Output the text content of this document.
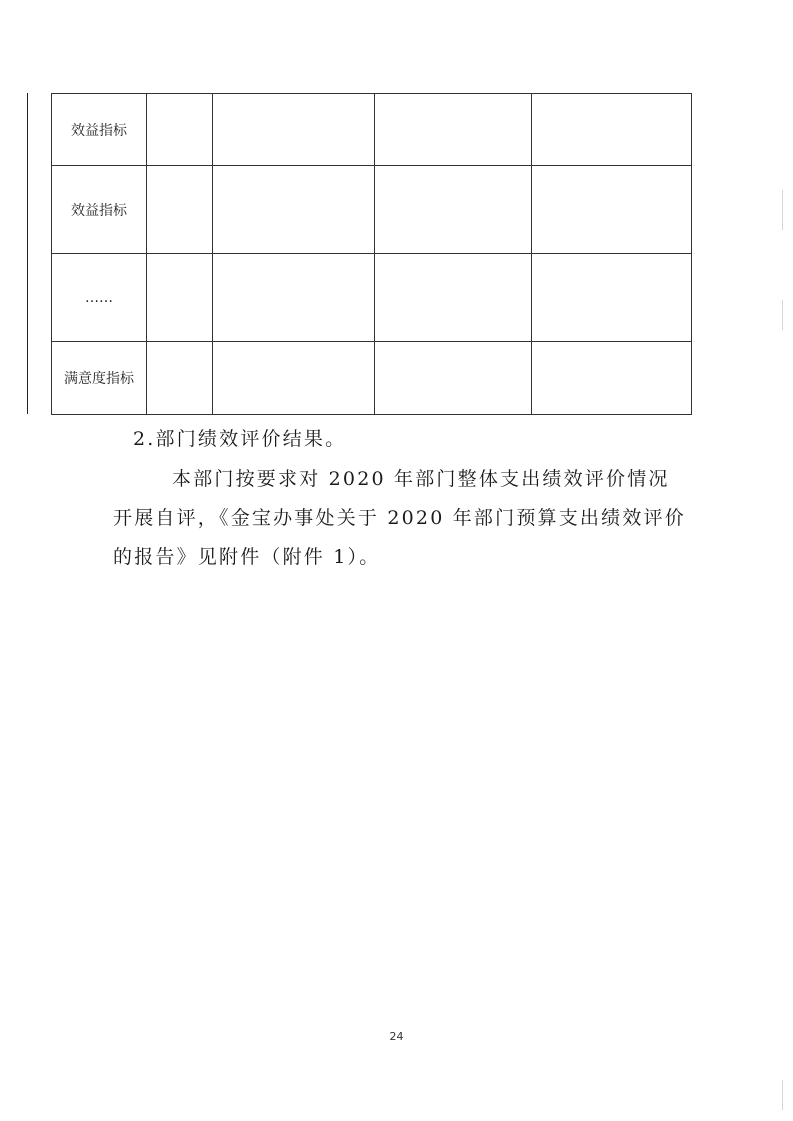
效益指标				
效益指标				
……				
满意度指标				
2.部门绩效评价结果。
本部门按要求对 2020 年部门整体支出绩效评价情况
开展自评，《金宝办事处关于 2020 年部门预算支出绩效评价
的报告》见附件（附件 1）。
24
